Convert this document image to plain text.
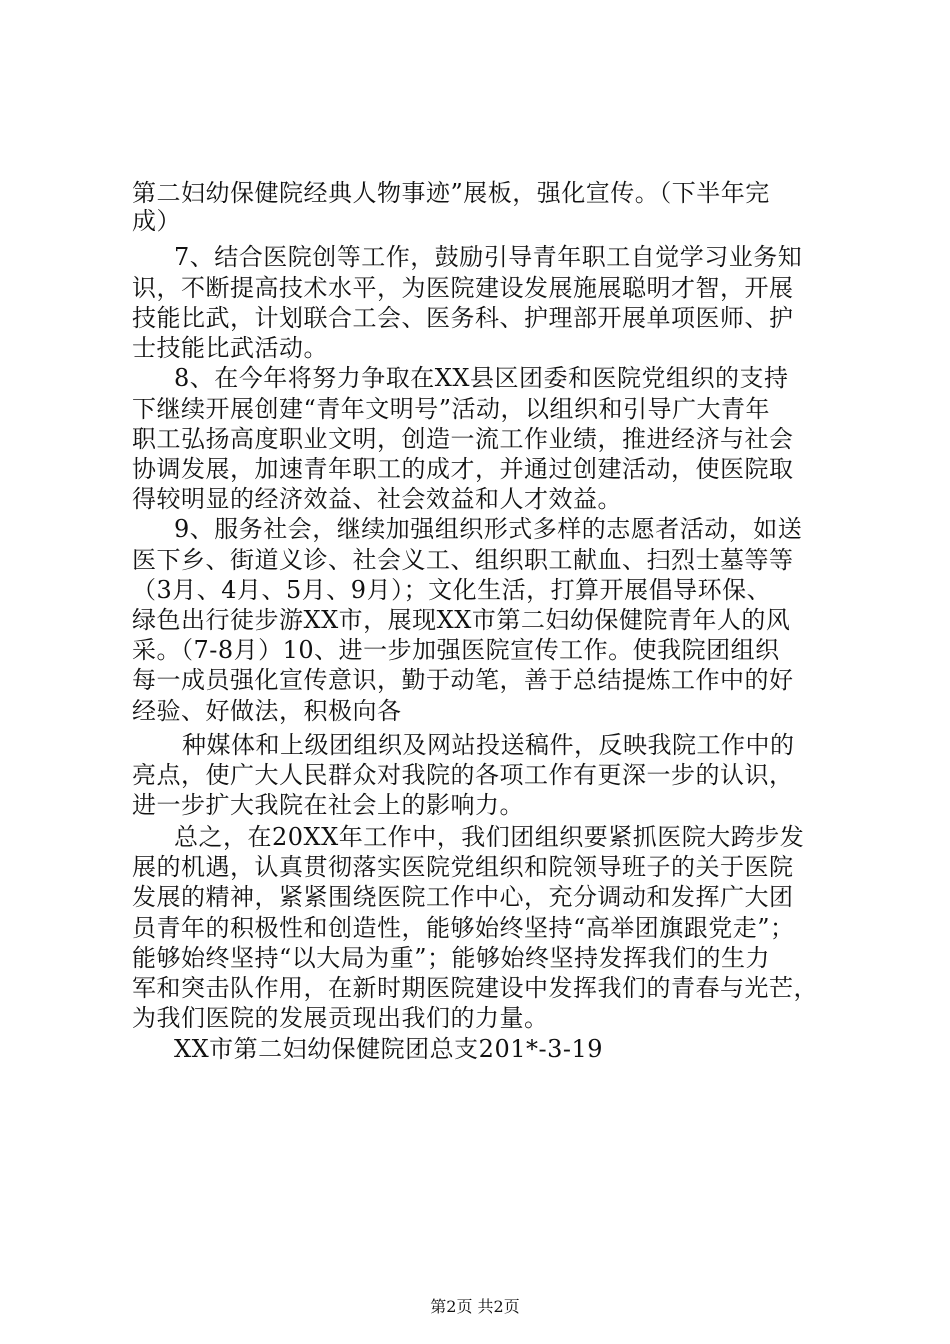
第二妇幼保健院经典人物事迹”展板，强化宣传。（下半年完
成）
7、结合医院创等工作，鼓励引导青年职工自觉学习业务知
识，不断提高技术水平，为医院建设发展施展聪明才智，开展
技能比武，计划联合工会、医务科、护理部开展单项医师、护
士技能比武活动。
8、在今年将努力争取在XX县区团委和医院党组织的支持
下继续开展创建“青年文明号”活动，以组织和引导广大青年
职工弘扬高度职业文明，创造一流工作业绩，推进经济与社会
协调发展，加速青年职工的成才，并通过创建活动，使医院取
得较明显的经济效益、社会效益和人才效益。
9、服务社会，继续加强组织形式多样的志愿者活动，如送
医下乡、街道义诊、社会义工、组织职工献血、扫烈士墓等等
（3月、4月、5月、9月）；文化生活，打算开展倡导环保、
绿色出行徒步游XX市，展现XX市第二妇幼保健院青年人的风
采。（7-8月）10、进一步加强医院宣传工作。使我院团组织
每一成员强化宣传意识，勤于动笔，善于总结提炼工作中的好
经验、好做法，积极向各
种媒体和上级团组织及网站投送稿件，反映我院工作中的
亮点，使广大人民群众对我院的各项工作有更深一步的认识，
进一步扩大我院在社会上的影响力。
总之，在20XX年工作中，我们团组织要紧抓医院大跨步发
展的机遇，认真贯彻落实医院党组织和院领导班子的关于医院
发展的精神，紧紧围绕医院工作中心，充分调动和发挥广大团
员青年的积极性和创造性，能够始终坚持“高举团旗跟党走”；
能够始终坚持“以大局为重”；能够始终坚持发挥我们的生力
军和突击队作用，在新时期医院建设中发挥我们的青春与光芒，
为我们医院的发展贡现出我们的力量。
XX市第二妇幼保健院团总支201*-3-19
第2页 共2页
